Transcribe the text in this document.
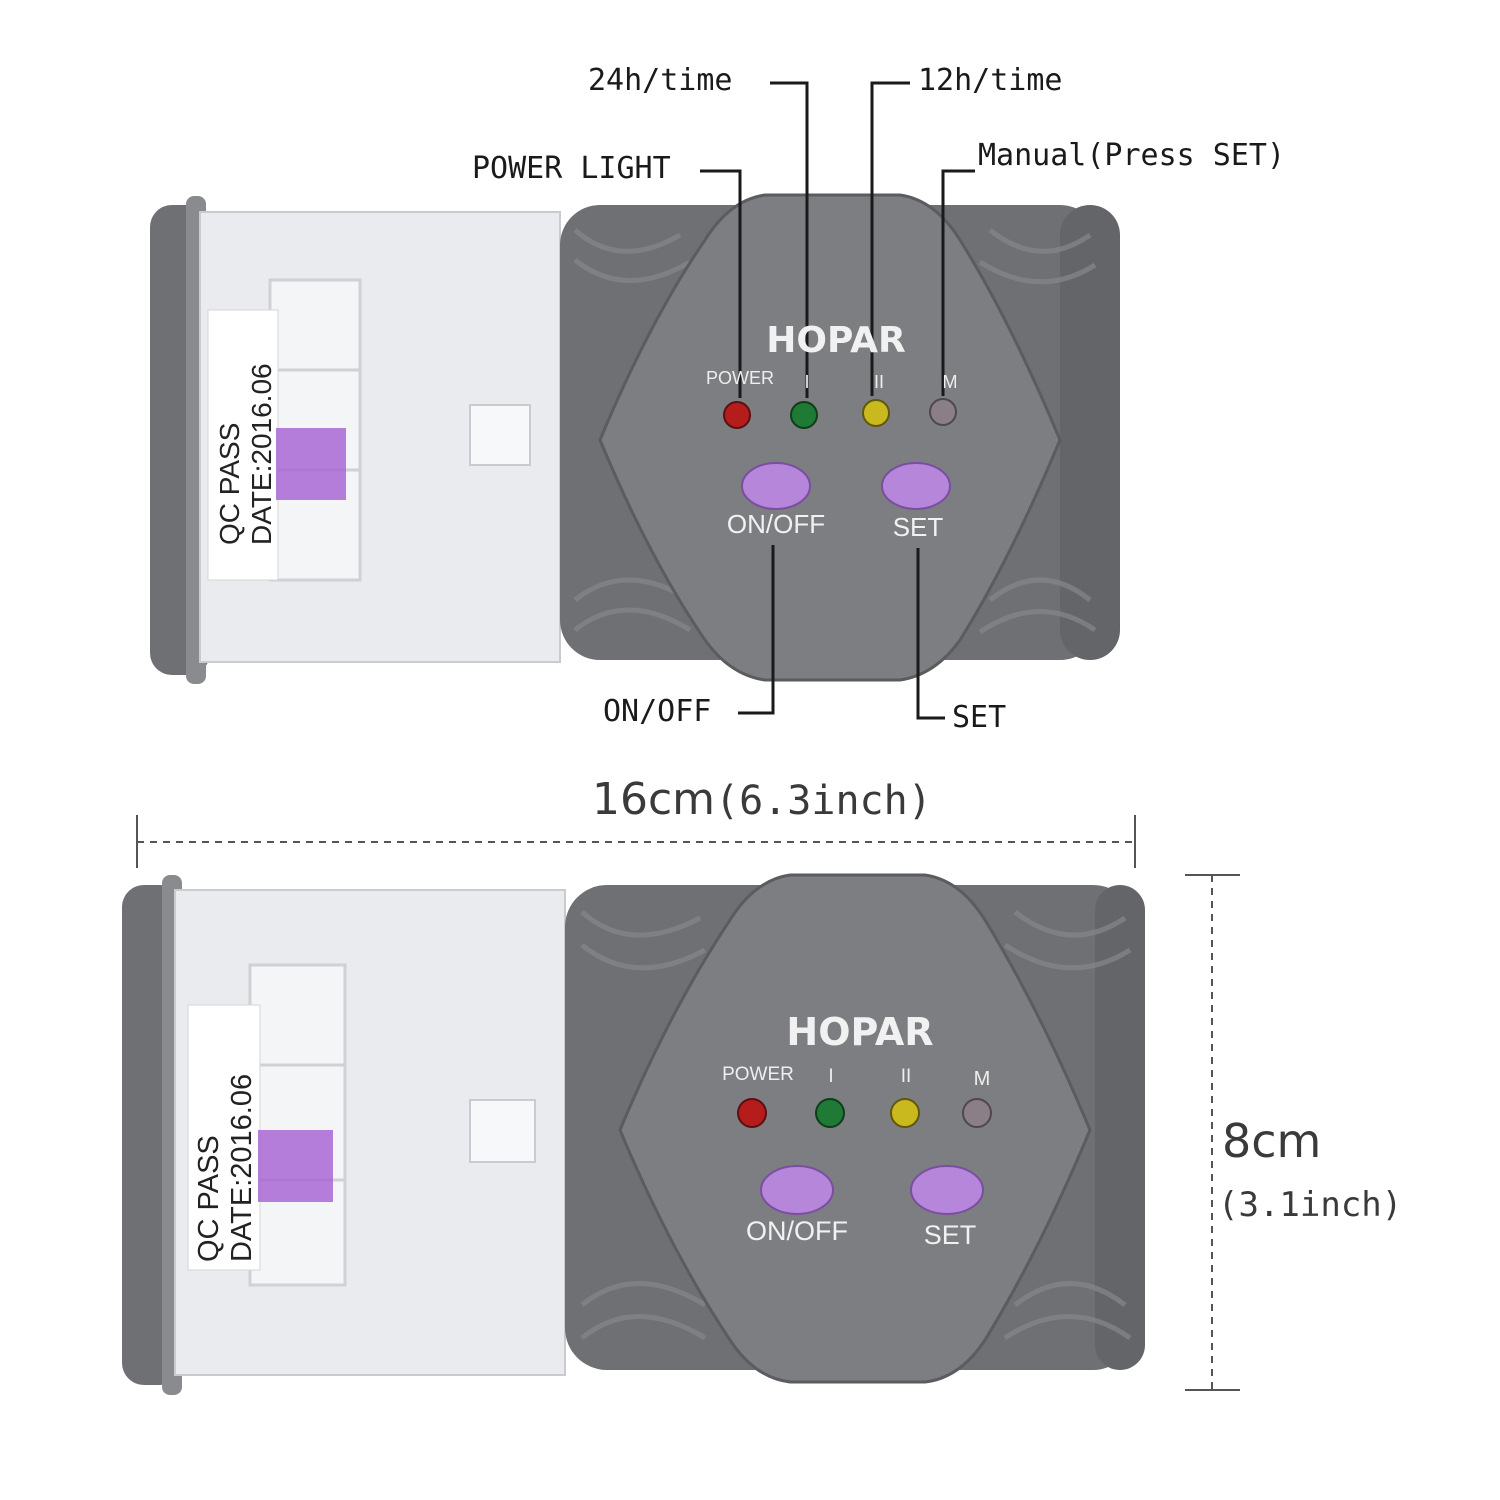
HOPAR
POWER I	II	M
ON/OFF	SET
HOPAR
POWER I	II	M
ON/OFF	SET
QC PASS DATE:2016.06
QC PASS DATE:2016.06
24h/time	12h/time
POWER LIGHT	Manual(Press SET)
ON/OFF	SET
16cm(6.3inch)
8cm
(3.1inch)
